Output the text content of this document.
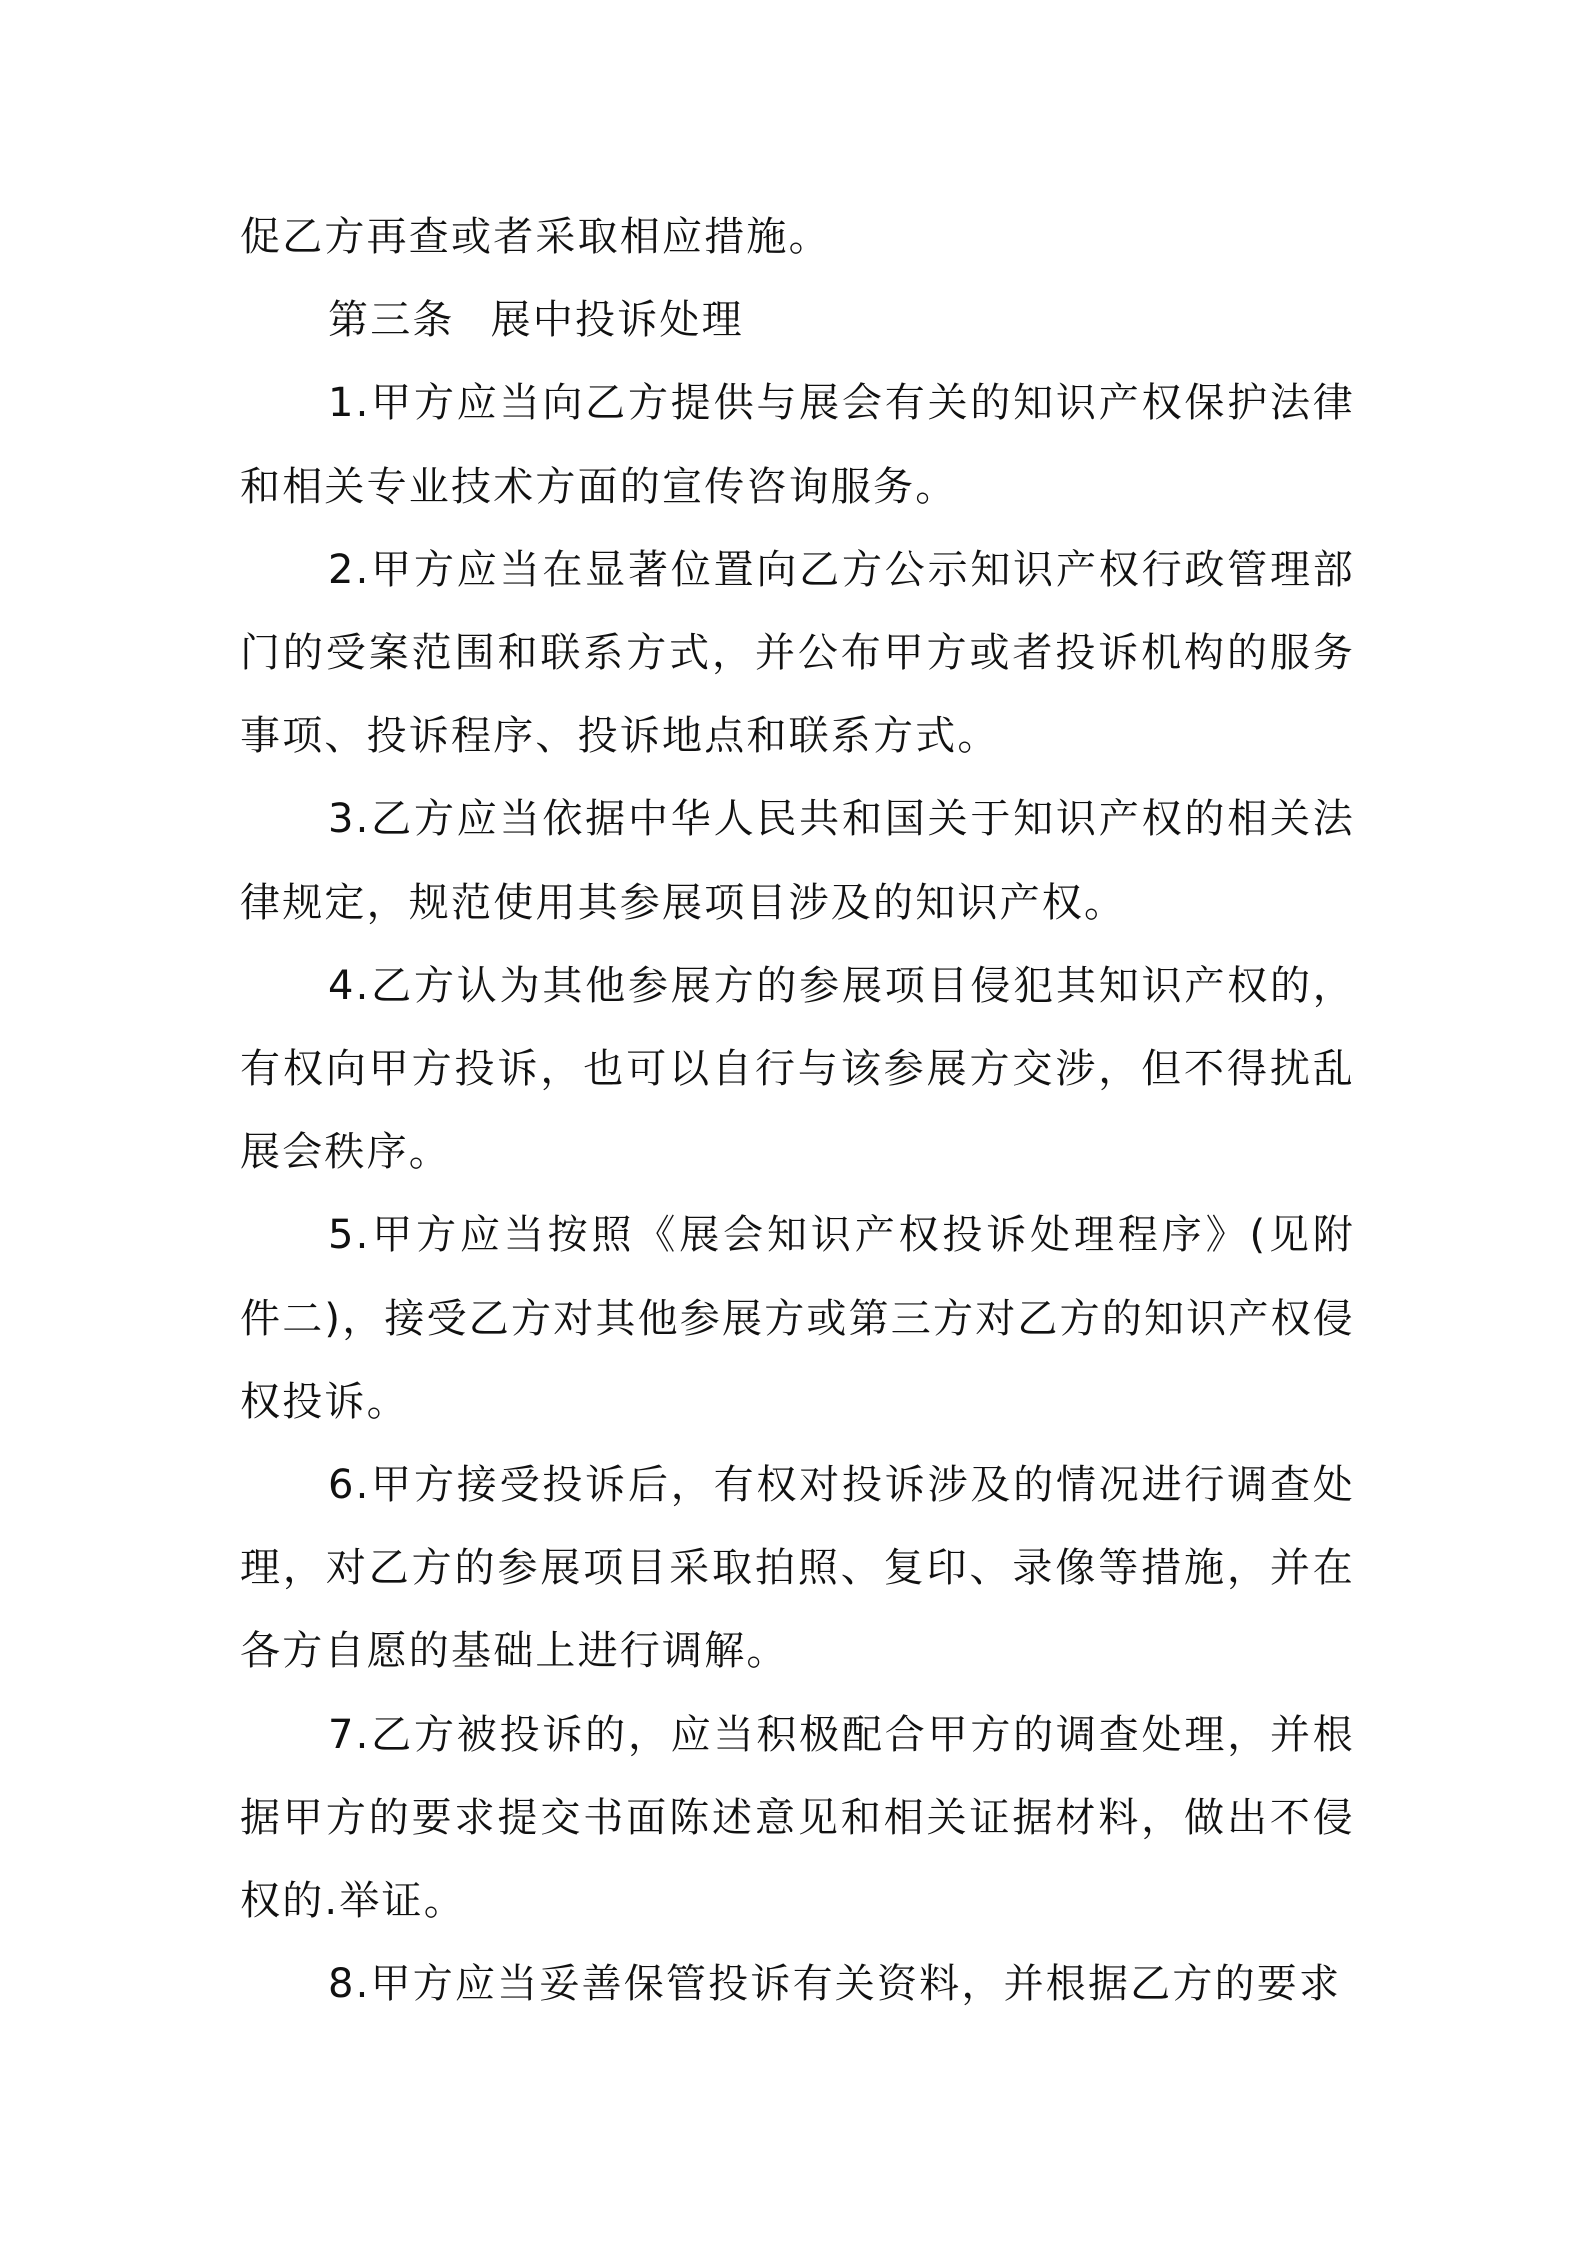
促乙方再查或者采取相应措施。

第三条 展中投诉处理

1.甲方应当向乙方提供与展会有关的知识产权保护法律和相关专业技术方面的宣传咨询服务。

2.甲方应当在显著位置向乙方公示知识产权行政管理部门的受案范围和联系方式，并公布甲方或者投诉机构的服务事项、投诉程序、投诉地点和联系方式。

3.乙方应当依据中华人民共和国关于知识产权的相关法律规定，规范使用其参展项目涉及的知识产权。

4.乙方认为其他参展方的参展项目侵犯其知识产权的，有权向甲方投诉，也可以自行与该参展方交涉，但不得扰乱展会秩序。

5.甲方应当按照《展会知识产权投诉处理程序》(见附件二)，接受乙方对其他参展方或第三方对乙方的知识产权侵权投诉。

6.甲方接受投诉后，有权对投诉涉及的情况进行调查处理，对乙方的参展项目采取拍照、复印、录像等措施，并在各方自愿的基础上进行调解。

7.乙方被投诉的，应当积极配合甲方的调查处理，并根据甲方的要求提交书面陈述意见和相关证据材料，做出不侵权的.举证。

8.甲方应当妥善保管投诉有关资料，并根据乙方的要求
